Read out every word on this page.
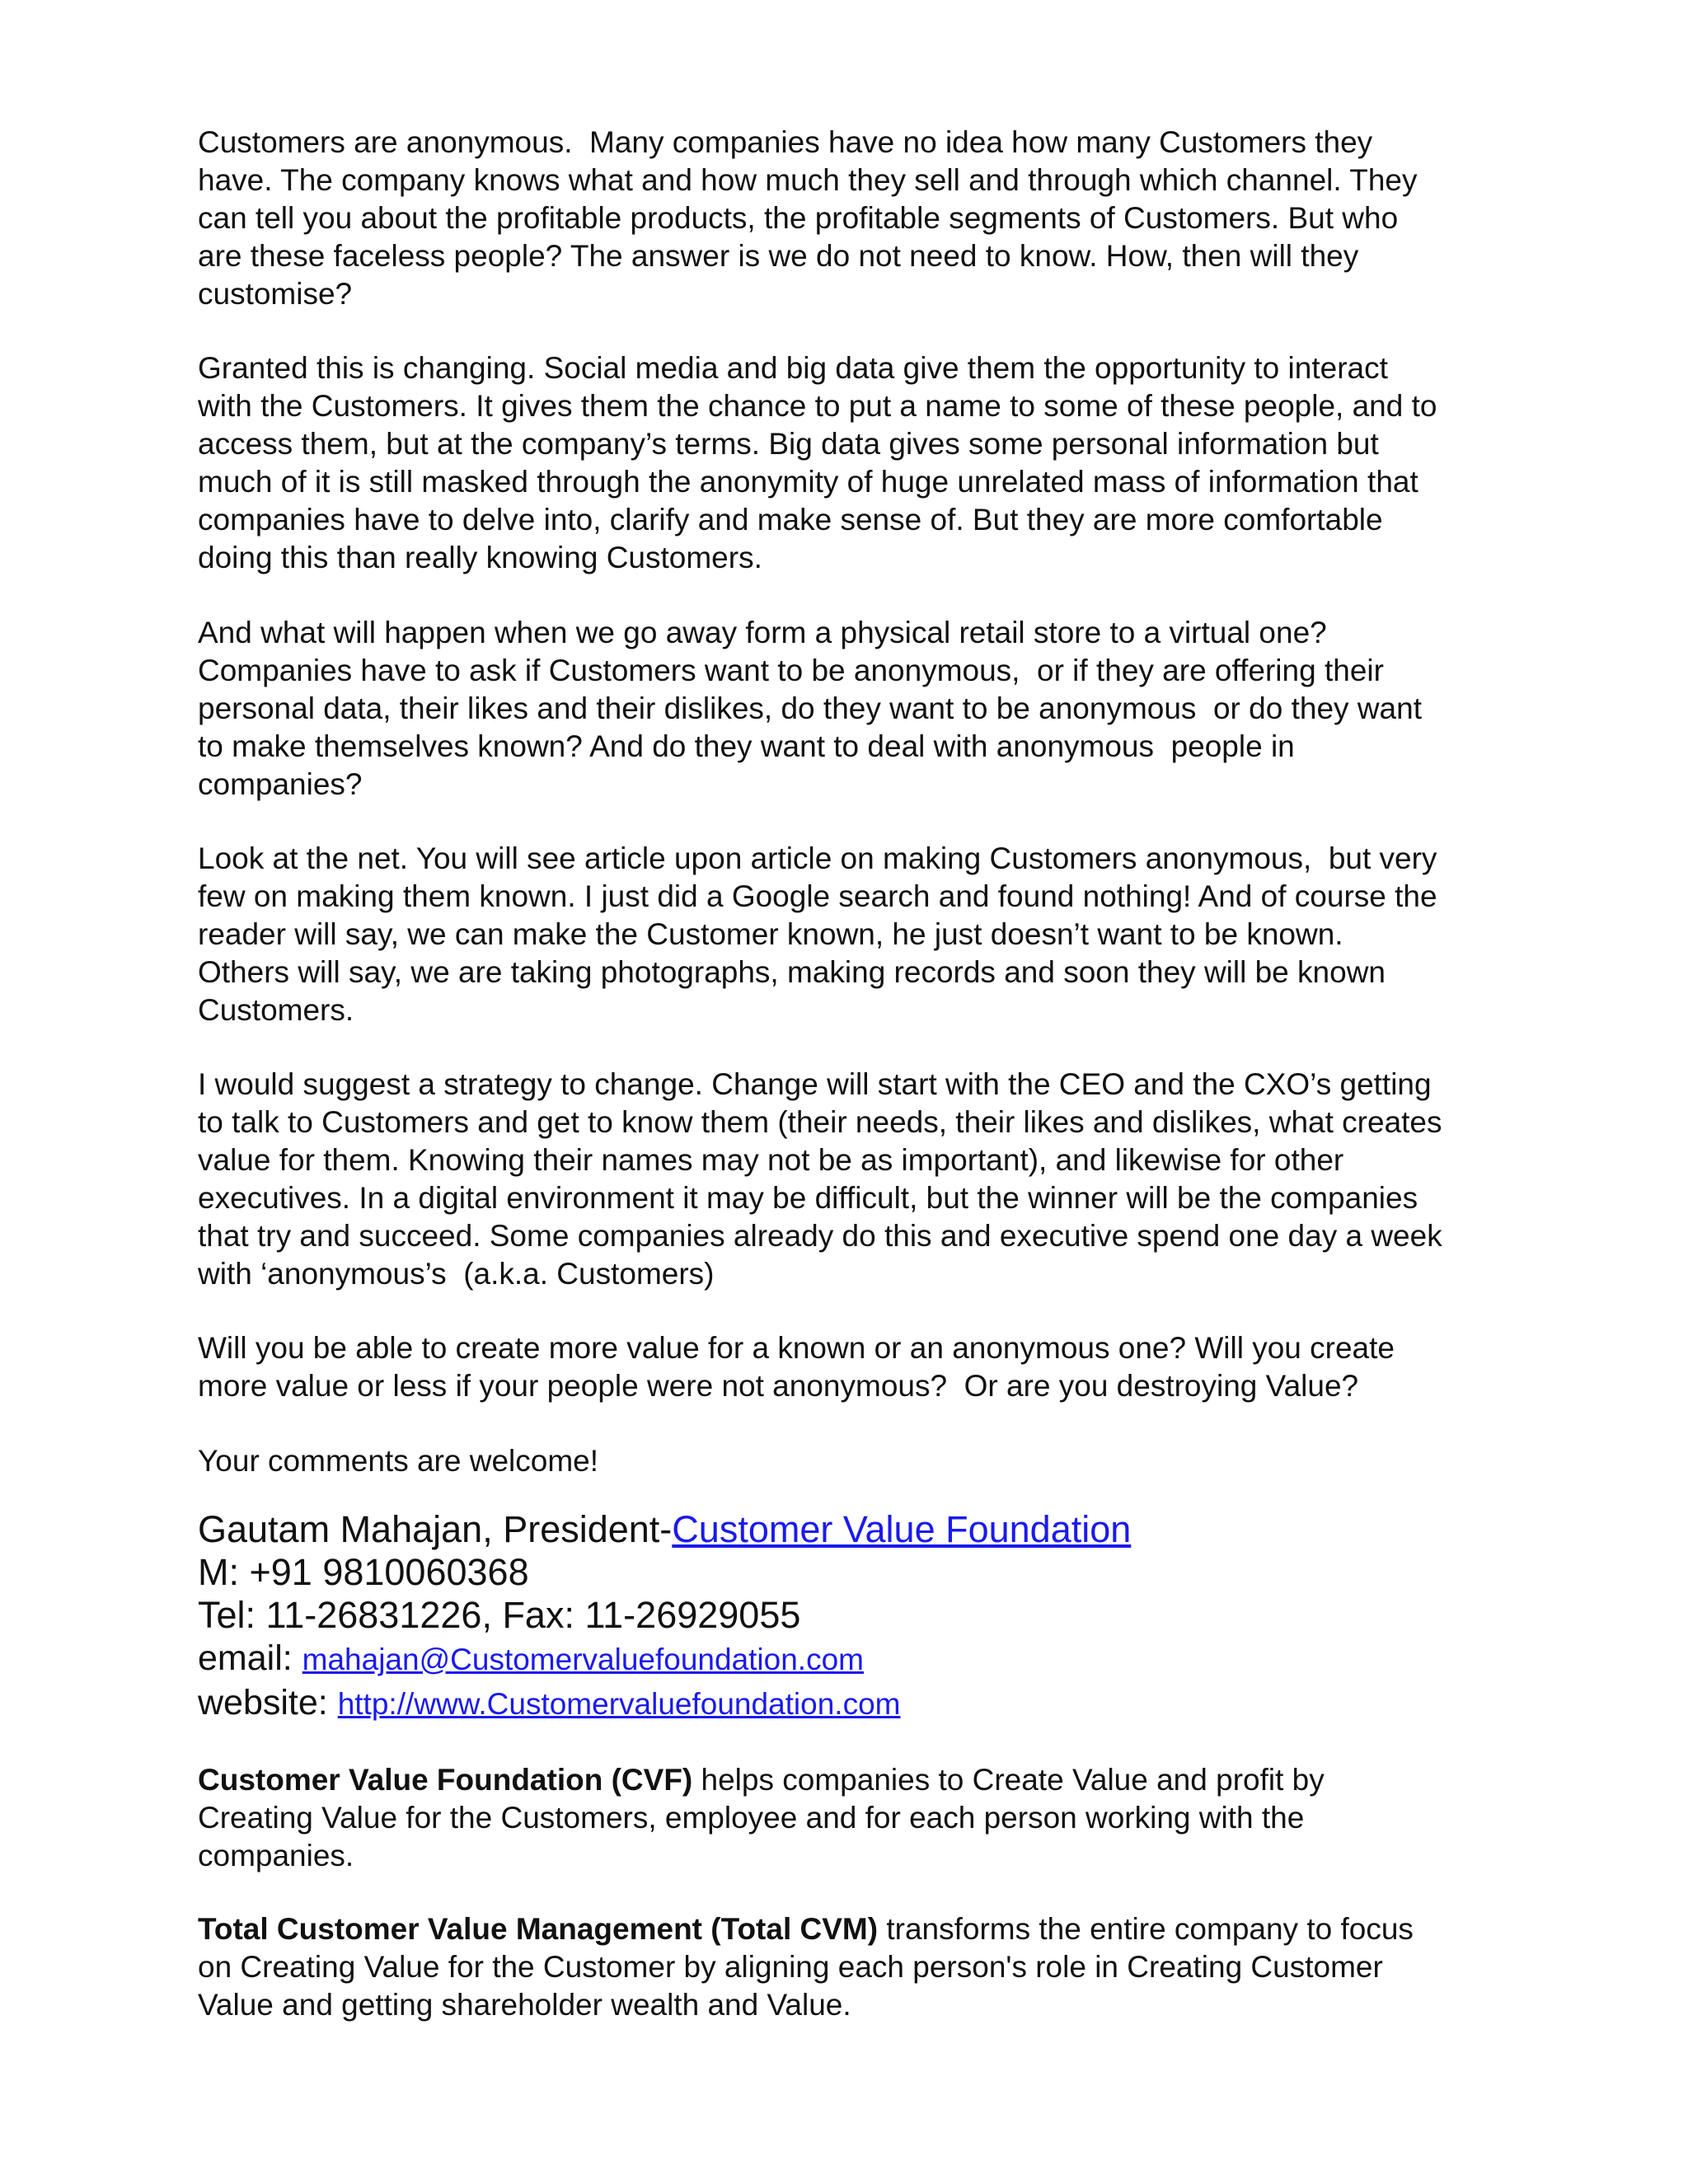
Customers are anonymous.  Many companies have no idea how many Customers they
have. The company knows what and how much they sell and through which channel. They
can tell you about the profitable products, the profitable segments of Customers. But who
are these faceless people? The answer is we do not need to know. How, then will they
customise?

Granted this is changing. Social media and big data give them the opportunity to interact
with the Customers. It gives them the chance to put a name to some of these people, and to
access them, but at the company’s terms. Big data gives some personal information but
much of it is still masked through the anonymity of huge unrelated mass of information that
companies have to delve into, clarify and make sense of. But they are more comfortable
doing this than really knowing Customers.

And what will happen when we go away form a physical retail store to a virtual one?
Companies have to ask if Customers want to be anonymous,  or if they are offering their
personal data, their likes and their dislikes, do they want to be anonymous  or do they want
to make themselves known? And do they want to deal with anonymous  people in
companies?

Look at the net. You will see article upon article on making Customers anonymous,  but very
few on making them known. I just did a Google search and found nothing! And of course the
reader will say, we can make the Customer known, he just doesn’t want to be known.
Others will say, we are taking photographs, making records and soon they will be known
Customers.

I would suggest a strategy to change. Change will start with the CEO and the CXO’s getting
to talk to Customers and get to know them (their needs, their likes and dislikes, what creates
value for them. Knowing their names may not be as important), and likewise for other
executives. In a digital environment it may be difficult, but the winner will be the companies
that try and succeed. Some companies already do this and executive spend one day a week
with ‘anonymous’s  (a.k.a. Customers)

Will you be able to create more value for a known or an anonymous one? Will you create
more value or less if your people were not anonymous?  Or are you destroying Value?

Your comments are welcome!

Gautam Mahajan, President-Customer Value Foundation
M: +91 9810060368
Tel: 11-26831226, Fax: 11-26929055
email: mahajan@Customervaluefoundation.com
website: http://www.Customervaluefoundation.com

Customer Value Foundation (CVF) helps companies to Create Value and profit by
Creating Value for the Customers, employee and for each person working with the
companies.

Total Customer Value Management (Total CVM) transforms the entire company to focus
on Creating Value for the Customer by aligning each person's role in Creating Customer
Value and getting shareholder wealth and Value.
